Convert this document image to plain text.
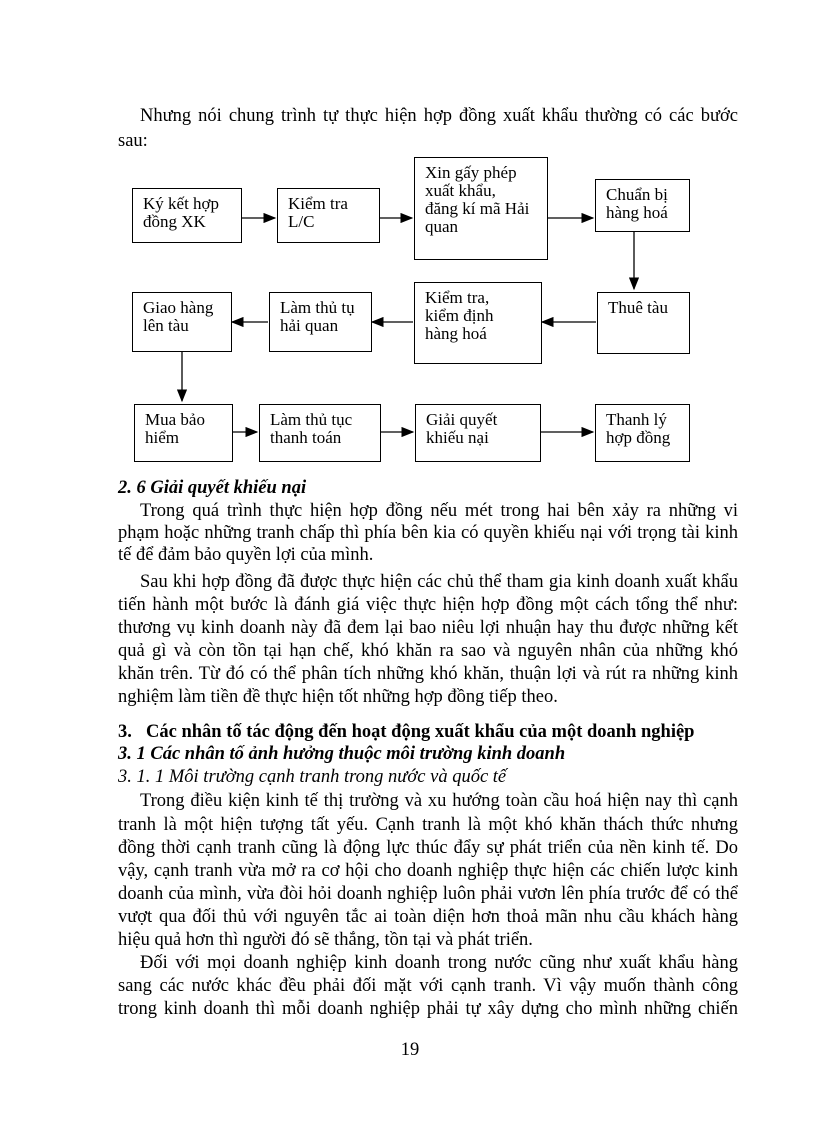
Nhưng nói chung trình tự thực hiện hợp đồng xuất khẩu thường có các bước
sau:
Ký kết hợp
đồng XK
Kiểm tra
L/C
Xin gấy phép
xuất khẩu,
đăng kí mã Hải
quan
Chuẩn bị
hàng hoá
Giao hàng
lên tàu
Làm thủ tụ
hải quan
Kiểm tra,
kiểm định
hàng hoá
Thuê tàu
Mua bảo
hiểm
Làm thủ tục
thanh toán
Giải quyết
khiếu nại
Thanh lý
hợp đồng
2. 6 Giải quyết khiếu nại
Trong quá trình thực hiện hợp đồng nếu mét trong hai bên xảy ra những vi
phạm hoặc những tranh chấp thì phía bên kia có quyền khiếu nại với trọng tài kinh
tế để đảm bảo quyền lợi của mình.
Sau khi hợp đồng đã được thực hiện các chủ thể tham gia kinh doanh xuất khẩu
tiến hành một bước là đánh giá việc thực hiện hợp đồng một cách tổng thể như:
thương vụ kinh doanh này đã đem lại bao niêu lợi nhuận hay thu được những kết
quả gì và còn tồn tại hạn chế, khó khăn ra sao và nguyên nhân của những khó
khăn trên. Từ đó có thể phân tích những khó khăn, thuận lợi và rút ra những kinh
nghiệm làm tiền đề thực hiện tốt những hợp đồng tiếp theo.
3. Các nhân tố tác động đến hoạt động xuất khẩu của một doanh nghiệp
3. 1 Các nhân tố ảnh hưởng thuộc môi trường kinh doanh
3. 1. 1 Môi trường cạnh tranh trong nước và quốc tế
Trong điều kiện kinh tế thị trường và xu hướng toàn cầu hoá hiện nay thì cạnh
tranh là một hiện tượng tất yếu. Cạnh tranh là một khó khăn thách thức nhưng
đồng thời cạnh tranh cũng là động lực thúc đẩy sự phát triển của nền kinh tế. Do
vậy, cạnh tranh vừa mở ra cơ hội cho doanh nghiệp thực hiện các chiến lược kinh
doanh của mình, vừa đòi hỏi doanh nghiệp luôn phải vươn lên phía trước để có thể
vượt qua đối thủ với nguyên tắc ai toàn diện hơn thoả mãn nhu cầu khách hàng
hiệu quả hơn thì người đó sẽ thắng, tồn tại và phát triển.
Đối với mọi doanh nghiệp kinh doanh trong nước cũng như xuất khẩu hàng
sang các nước khác đều phải đối mặt với cạnh tranh. Vì vậy muốn thành công
trong kinh doanh thì mỗi doanh nghiệp phải tự xây dựng cho mình những chiến
19
